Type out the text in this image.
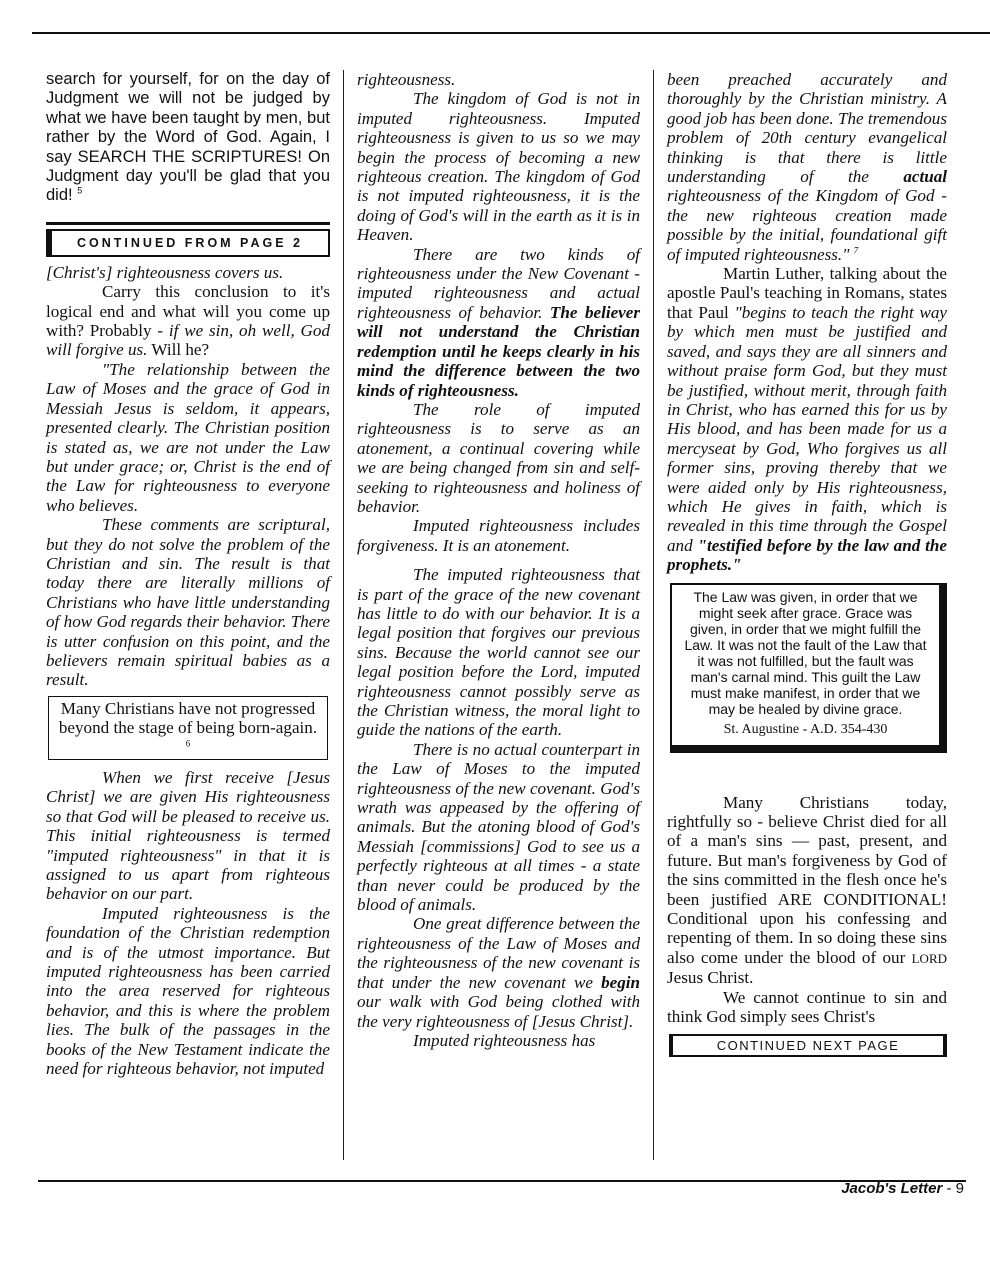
search for yourself, for on the day of Judgment we will not be judged by what we have been taught by men, but rather by the Word of God. Again, I say SEARCH THE SCRIPTURES! On Judgment day you'll be glad that you did! $^5$

CONTINUED FROM PAGE 2

[Christ's] righteousness covers us.

Carry this conclusion to it's logical end and what will you come up with? Probably - if we sin, oh well, God will forgive us. Will he?

"The relationship between the Law of Moses and the grace of God in Messiah Jesus is seldom, it appears, presented clearly. The Christian position is stated as, we are not under the Law but under grace; or, Christ is the end of the Law for righteousness to everyone who believes.

These comments are scriptural, but they do not solve the problem of the Christian and sin. The result is that today there are literally millions of Christians who have little understanding of how God regards their behavior. There is utter confusion on this point, and the believers remain spiritual babies as a result.

Many Christians have not progressed beyond the stage of being born-again. $^6$

When we first receive [Jesus Christ] we are given His righteousness so that God will be pleased to receive us. This initial righteousness is termed "imputed righteousness" in that it is assigned to us apart from righteous behavior on our part.

Imputed righteousness is the foundation of the Christian redemption and is of the utmost importance. But imputed righteousness has been carried into the area reserved for righteous behavior, and this is where the problem lies. The bulk of the passages in the books of the New Testament indicate the need for righteous behavior, not imputed

righteousness.

The kingdom of God is not in imputed righteousness. Imputed righteousness is given to us so we may begin the process of becoming a new righteous creation. The kingdom of God is not imputed righteousness, it is the doing of God's will in the earth as it is in Heaven.

There are two kinds of righteousness under the New Covenant - imputed righteousness and actual righteousness of behavior. The believer will not understand the Christian redemption until he keeps clearly in his mind the difference between the two kinds of righteousness.

The role of imputed righteousness is to serve as an atonement, a continual covering while we are being changed from sin and self-seeking to righteousness and holiness of behavior.

Imputed righteousness includes forgiveness. It is an atonement.

The imputed righteousness that is part of the grace of the new covenant has little to do with our behavior. It is a legal position that forgives our previous sins. Because the world cannot see our legal position before the Lord, imputed righteousness cannot possibly serve as the Christian witness, the moral light to guide the nations of the earth.

There is no actual counterpart in the Law of Moses to the imputed righteousness of the new covenant. God's wrath was appeased by the offering of animals. But the atoning blood of God's Messiah [commissions] God to see us a perfectly righteous at all times - a state than never could be produced by the blood of animals.

One great difference between the righteousness of the Law of Moses and the righteousness of the new covenant is that under the new covenant we begin our walk with God being clothed with the very righteousness of [Jesus Christ].

Imputed righteousness has

been preached accurately and thoroughly by the Christian ministry. A good job has been done. The tremendous problem of 20th century evangelical thinking is that there is little understanding of the actual righteousness of the Kingdom of God - the new righteous creation made possible by the initial, foundational gift of imputed righteousness." $^7$

Martin Luther, talking about the apostle Paul's teaching in Romans, states that Paul "begins to teach the right way by which men must be justified and saved, and says they are all sinners and without praise form God, but they must be justified, without merit, through faith in Christ, who has earned this for us by His blood, and has been made for us a mercyseat by God, Who forgives us all former sins, proving thereby that we were aided only by His righteousness, which He gives in faith, which is revealed in this time through the Gospel and "testified before by the law and the prophets."

The Law was given, in order that we might seek after grace. Grace was given, in order that we might fulfill the Law. It was not the fault of the Law that it was not fulfilled, but the fault was man's carnal mind. This guilt the Law must make manifest, in order that we may be healed by divine grace.
St. Augustine - A.D. 354-430

Many Christians today, rightfully so - believe Christ died for all of a man's sins — past, present, and future. But man's forgiveness by God of the sins committed in the flesh once he's been justified ARE CONDITIONAL! Conditional upon his confessing and repenting of them. In so doing these sins also come under the blood of our LORD Jesus Christ.

We cannot continue to sin and think God simply sees Christ's

CONTINUED NEXT PAGE
Jacob's Letter - 9
